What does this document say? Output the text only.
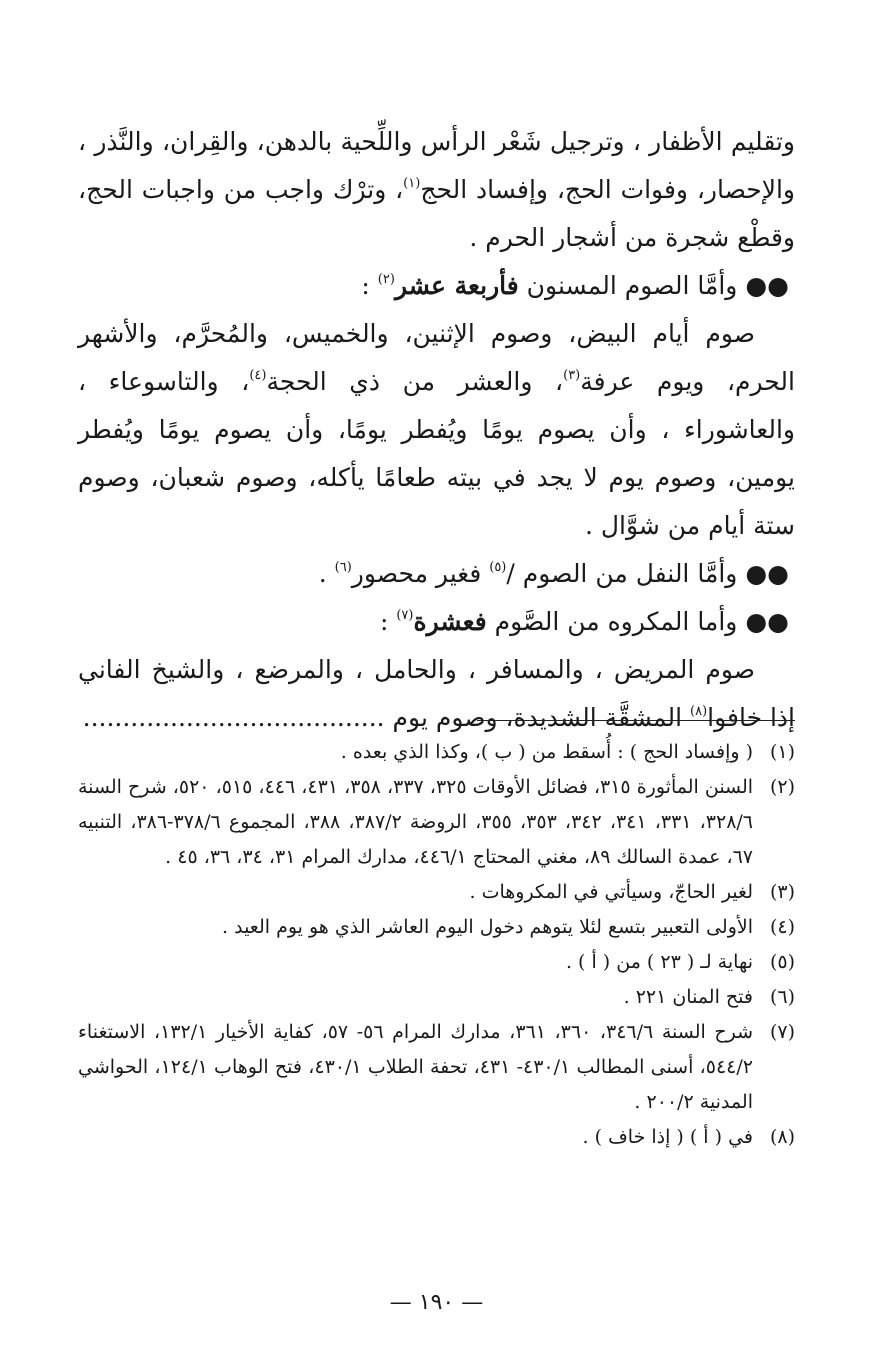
وتقليم الأظفار ، وترجيل شَعْر الرأس واللِّحية بالدهن، والقِران، والنَّذر ، والإحصار، وفوات الحج، وإفساد الحج$^{(١)}$، وترْك واجب من واجبات الحج، وقطْع شجرة من أشجار الحرم .

●●وأمَّا الصوم المسنون فأربعة عشر$^{(٢)}$ :

صوم أيام البيض، وصوم الإثنين، والخميس، والمُحرَّم، والأشهر الحرم، ويوم عرفة$^{(٣)}$، والعشر من ذي الحجة$^{(٤)}$، والتاسوعاء ، والعاشوراء ، وأن يصوم يومًا ويُفطر يومًا، وأن يصوم يومًا ويُفطر يومين، وصوم يوم لا يجد في بيته طعامًا يأكله، وصوم شعبان، وصوم ستة أيام من شوَّال .

●●وأمَّا النفل من الصوم /$^{(٥)}$ فغير محصور$^{(٦)}$ .

●●وأما المكروه من الصَّوم فعشرة$^{(٧)}$ :

صوم المريض ، والمسافر ، والحامل ، والمرضع ، والشيخ الفاني إذا خافوا$^{(٨)}$ المشقَّة الشديدة، وصوم يوم ......................................

(١)
( وإفساد الحج ) : أُسقط من ( ب )، وكذا الذي بعده .
(٢)
السنن المأثورة ٣١٥، فضائل الأوقات ٣٢٥، ٣٣٧، ٣٥٨، ٤٣١، ٤٤٦، ٥١٥، ٥٢٠، شرح السنة ٣٢٨/٦، ٣٣١، ٣٤١، ٣٤٢، ٣٥٣، ٣٥٥، الروضة ٣٨٧/٢، ٣٨٨، المجموع ٣٧٨/٦-٣٨٦، التنبيه ٦٧، عمدة السالك ٨٩، مغني المحتاج ٤٤٦/١، مدارك المرام ٣١، ٣٤، ٣٦، ٤٥ .
(٣)
لغير الحاجّ، وسيأتي في المكروهات .
(٤)
الأولى التعبير بتسع لئلا يتوهم دخول اليوم العاشر الذي هو يوم العيد .
(٥)
نهاية لـ ( ٢٣ ) من ( أ ) .
(٦)
فتح المنان ٢٢١ .
(٧)
شرح السنة ٣٤٦/٦، ٣٦٠، ٣٦١، مدارك المرام ٥٦- ٥٧، كفاية الأخيار ١٣٢/١، الاستغناء ٥٤٤/٢، أسنى المطالب ٤٣٠/١- ٤٣١، تحفة الطلاب ٤٣٠/١، فتح الوهاب ١٢٤/١، الحواشي المدنية ٢٠٠/٢ .
(٨)
في ( أ ) ( إذا خاف ) .
— ١٩٠ —
